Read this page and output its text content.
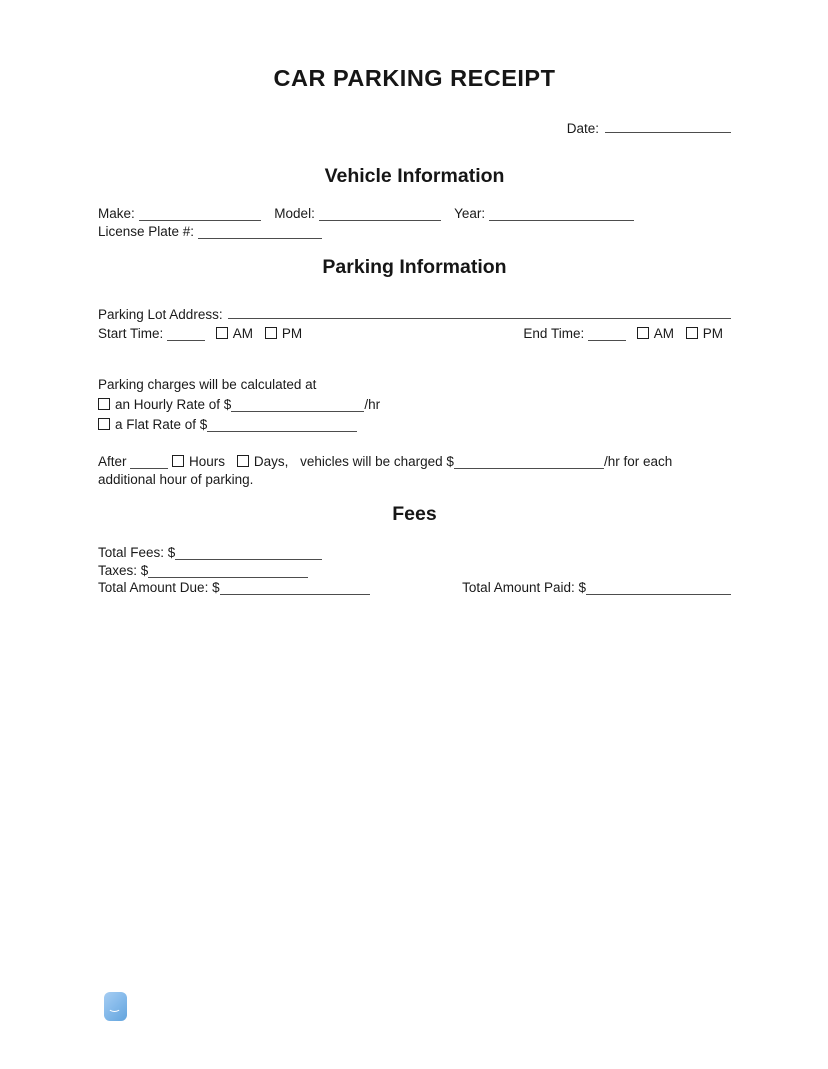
CAR PARKING RECEIPT
Date:
Vehicle Information
Make:	Model:	Year:
License Plate #:
Parking Information
Parking Lot Address:
Start Time:	AM PM	End Time:	AM PM
Parking charges will be calculated at
an Hourly Rate of $	/hr
a Flat Rate of $
After	Hours Days, vehicles will be charged $	/hr for each
additional hour of parking.
Fees
Total Fees: $
Taxes: $
Total Amount Due: $	Total Amount Paid: $
